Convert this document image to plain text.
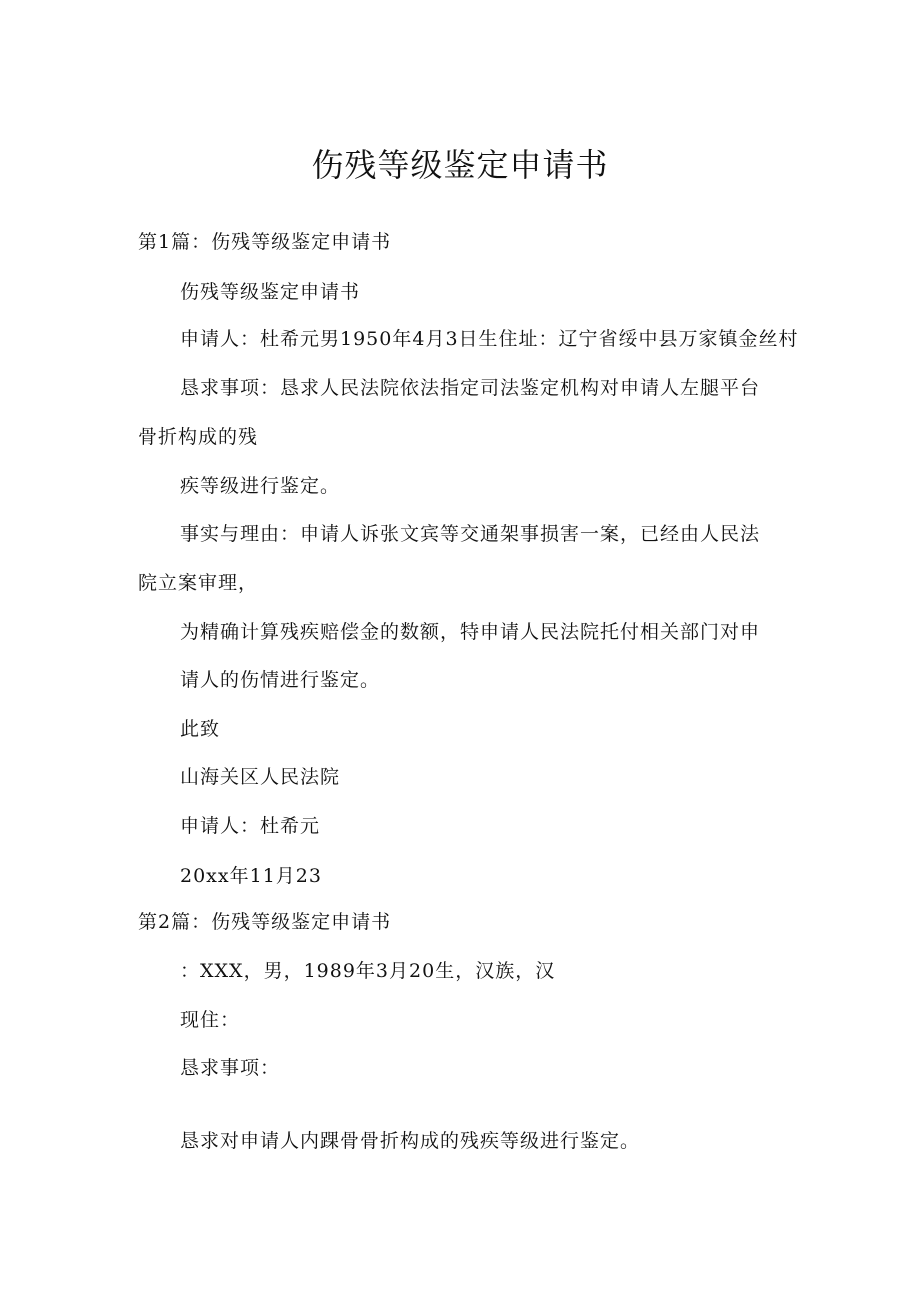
伤残等级鉴定申请书
第1篇：伤残等级鉴定申请书
伤残等级鉴定申请书
申请人：杜希元男1950年4月3日生住址：辽宁省绥中县万家镇金丝村
恳求事项：恳求人民法院依法指定司法鉴定机构对申请人左腿平台
骨折构成的残
疾等级进行鉴定。
事实与理由：申请人诉张文宾等交通架事损害一案，已经由人民法
院立案审理，
为精确计算残疾赔偿金的数额，特申请人民法院托付相关部门对申
请人的伤情进行鉴定。
此致
山海关区人民法院
申请人：杜希元
20xx年11月23
第2篇：伤残等级鉴定申请书
：XXX，男，1989年3月20生，汉族，汉
现住：
恳求事项：
恳求对申请人内踝骨骨折构成的残疾等级进行鉴定。
